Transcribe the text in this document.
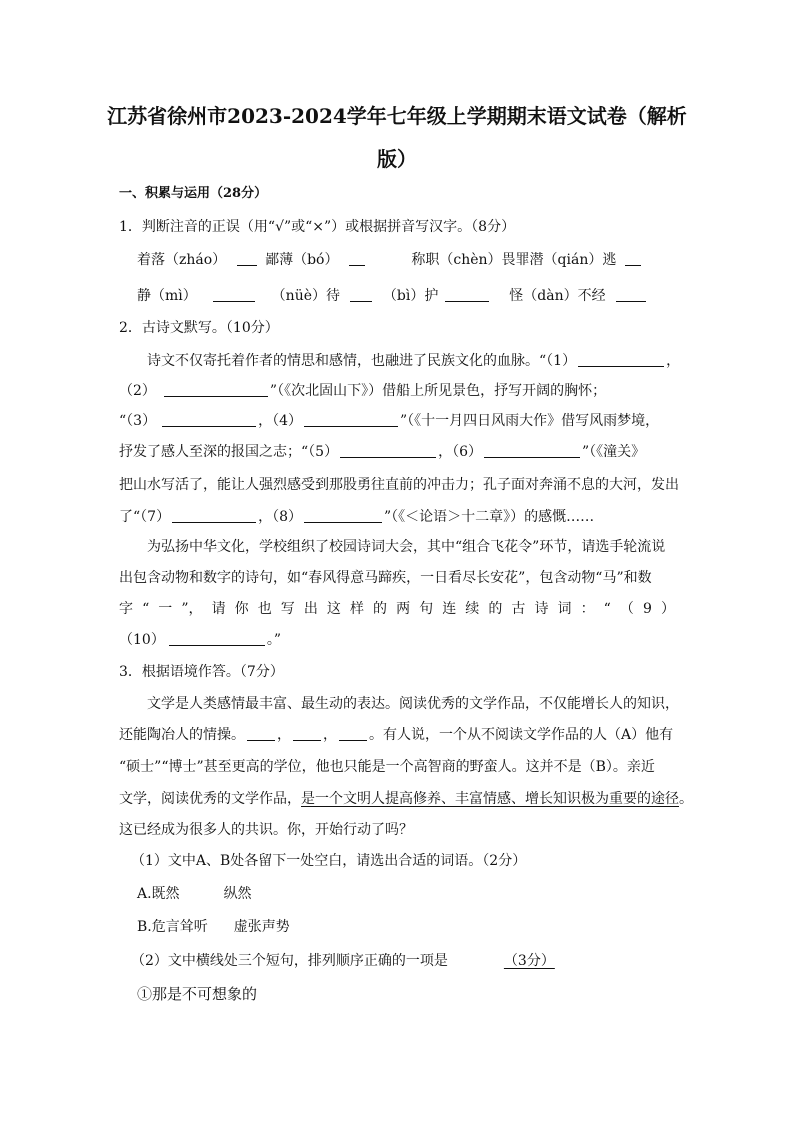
江苏省徐州市2023-2024学年七年级上学期期末语文试卷（解析
版）
一、积累与运用（28分）
1．判断注音的正误（用“√”或“×”）或根据拼音写汉字。（8分）
着落（zháo）	鄙薄（bó）	称职（chèn）畏罪潜（qián）逃
静（mì）	（nüè）待	（bì）护	怪（dàn）不经
2．古诗文默写。（10分）
诗文不仅寄托着作者的情思和感情，也融进了民族文化的血脉。“（1）	，
（2）	”（《次北固山下》）借船上所见景色，抒写开阔的胸怀；
“（3）	，（4）	”（《十一月四日风雨大作》借写风雨梦境，
抒发了感人至深的报国之志；“（5）	，（6）	”（《潼关》
把山水写活了，能让人强烈感受到那股勇往直前的冲击力；孔子面对奔涌不息的大河，发出
了“（7）	，（8）	”（《＜论语＞十二章》）的感慨……
为弘扬中华文化，学校组织了校园诗词大会，其中“组合飞花令”环节，请选手轮流说
出包含动物和数字的诗句，如“春风得意马蹄疾，一日看尽长安花”，包含动物“马”和数
字 “ 一 ”， 请 你 也 写 出 这 样 的 两 句 连 续 的 古 诗 词 ： “ （ 9 ）
（10）	。”
3．根据语境作答。（7分）
文学是人类感情最丰富、最生动的表达。阅读优秀的文学作品，不仅能增长人的知识，
还能陶冶人的情操。 ， ， 。有人说，一个从不阅读文学作品的人（A）他有
“硕士”“博士”甚至更高的学位，他也只能是一个高智商的野蛮人。这并不是（B）。亲近
文学，阅读优秀的文学作品，是一个文明人提高修养、丰富情感、增长知识极为重要的途径。
这已经成为很多人的共识。你，开始行动了吗？
（1）文中A、B处各留下一处空白，请选出合适的词语。（2分）
A.既然	纵然
B.危言耸听 虚张声势
（2）文中横线处三个短句，排列顺序正确的一项是	（3分）
①那是不可想象的
